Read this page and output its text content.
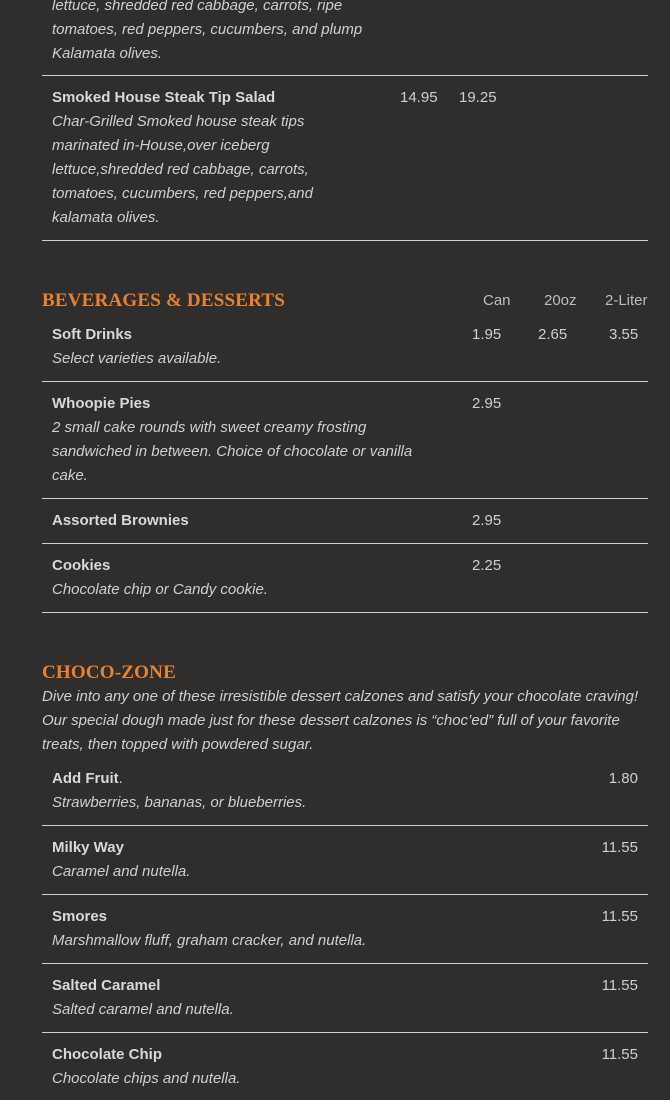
lettuce, shredded red cabbage, carrots, ripe
tomatoes, red peppers, cucumbers, and plump
Kalamata olives.
Smoked House Steak Tip Salad	14.95 19.25
Char-Grilled Smoked house steak tips
marinated in-House,over iceberg
lettuce,shredded red cabbage, carrots,
tomatoes, cucumbers, red peppers,and
kalamata olives.
BEVERAGES & DESSERTS	Can 20oz 2-Liter
Soft Drinks	1.95 2.65	3.55
Select varieties available.
Whoopie Pies	2.95
2 small cake rounds with sweet creamy frosting
sandwiched in between. Choice of chocolate or vanilla
cake.
Assorted Brownies	2.95
Cookies	2.25
Chocolate chip or Candy cookie.
CHOCO-ZONE
Dive into any one of these irresistible dessert calzones and satisfy your chocolate craving!
Our special dough made just for these dessert calzones is “choc’ed” full of your favorite
treats, then topped with powdered sugar.
Add Fruit.	1.80
Strawberries, bananas, or blueberries.
Milky Way	11.55
Caramel and nutella.
Smores	11.55
Marshmallow fluff, graham cracker, and nutella.
Salted Caramel	11.55
Salted caramel and nutella.
Chocolate Chip	11.55
Chocolate chips and nutella.
